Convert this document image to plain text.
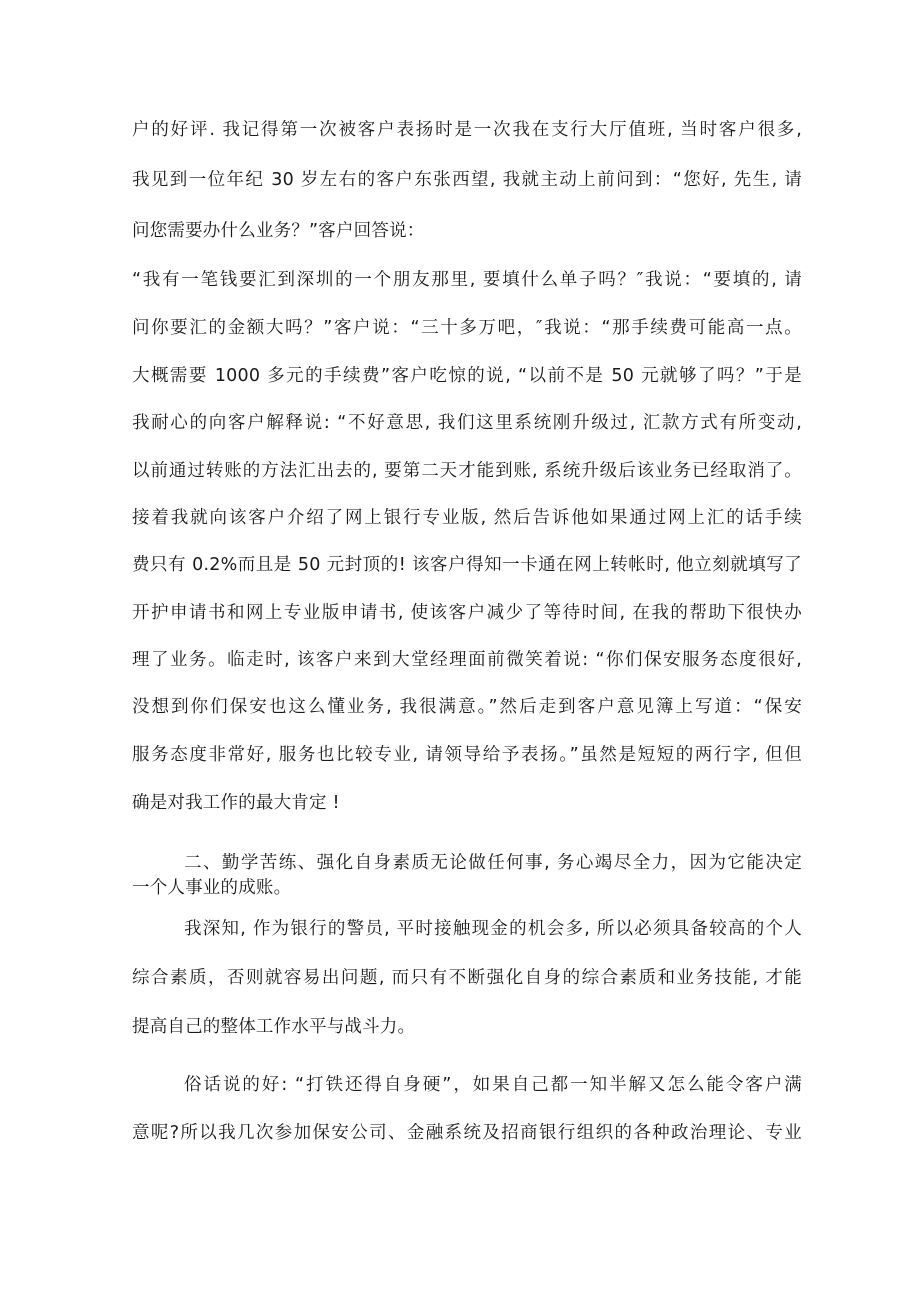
户的好评. 我记得第一次被客户表扬时是一次我在支行大厅值班, 当时客户很多,
我见到一位年纪 30 岁左右的客户东张西望, 我就主动上前问到：“您好, 先生, 请
问您需要办什么业务？”客户回答说：
“我有一笔钱要汇到深圳的一个朋友那里, 要填什么单子吗？″我说：“要填的, 请
问你要汇的金额大吗？”客户说：“三十多万吧，″我说：“那手续费可能高一点。
大概需要 1000 多元的手续费”客户吃惊的说, “以前不是 50 元就够了吗？”于是
我耐心的向客户解释说: “不好意思, 我们这里系统刚升级过, 汇款方式有所变动,
以前通过转账的方法汇出去的, 要第二天才能到账, 系统升级后该业务已经取消了。
接着我就向该客户介绍了网上银行专业版, 然后告诉他如果通过网上汇的话手续
费只有 0.2%而且是 50 元封顶的! 该客户得知一卡通在网上转帐时, 他立刻就填写了
开护申请书和网上专业版申请书, 使该客户减少了等待时间, 在我的帮助下很快办
理了业务。临走时, 该客户来到大堂经理面前微笑着说: “你们保安服务态度很好,
没想到你们保安也这么懂业务, 我很满意。”然后走到客户意见簿上写道：“保安
服务态度非常好, 服务也比较专业, 请领导给予表扬。”虽然是短短的两行字, 但但
确是对我工作的最大肯定 !
二、勤学苦练、强化自身素质无论做任何事, 务心竭尽全力，因为它能决定
一个人事业的成账。
我深知, 作为银行的警员, 平时接触现金的机会多, 所以必须具备较高的个人
综合素质，否则就容易出问题, 而只有不断强化自身的综合素质和业务技能, 才能
提高自己的整体工作水平与战斗力。
俗话说的好: “打铁还得自身硬”，如果自己都一知半解又怎么能令客户满
意呢?所以我几次参加保安公司、金融系统及招商银行组织的各种政治理论、专业
